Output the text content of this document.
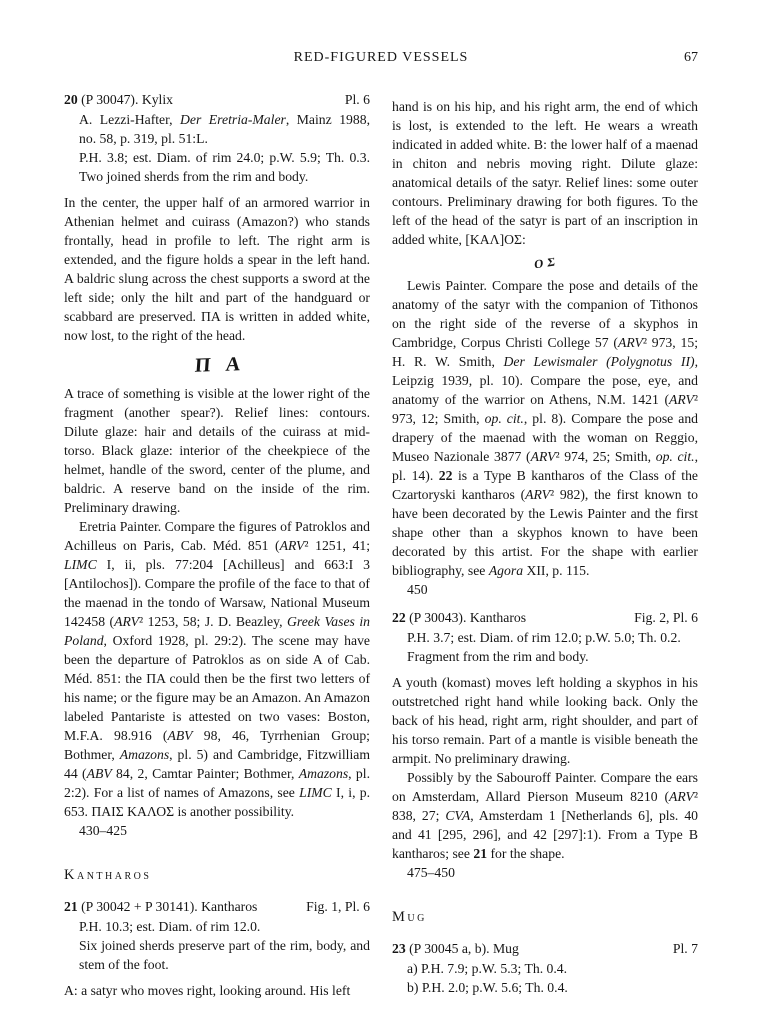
RED-FIGURED VESSELS	67
20 (P 30047). Kylix	Pl. 6
A. Lezzi-Hafter, Der Eretria-Maler, Mainz 1988, no. 58, p. 319, pl. 51:L.
P.H. 3.8; est. Diam. of rim 24.0; p.W. 5.9; Th. 0.3. Two joined sherds from the rim and body.
In the center, the upper half of an armored warrior in Athenian helmet and cuirass (Amazon?) who stands frontally, head in profile to left. The right arm is extended, and the figure holds a spear in the left hand. A baldric slung across the chest supports a sword at the left side; only the hilt and part of the handguard or scabbard are preserved. ΠΑ is written in added white, now lost, to the right of the head.
ΠΑ
A trace of something is visible at the lower right of the fragment (another spear?). Relief lines: contours. Dilute glaze: hair and details of the cuirass at mid-torso. Black glaze: interior of the cheekpiece of the helmet, handle of the sword, center of the plume, and baldric. A reserve band on the inside of the rim. Preliminary drawing.
Eretria Painter. Compare the figures of Patroklos and Achilleus on Paris, Cab. Méd. 851 (ARV² 1251, 41; LIMC I, ii, pls. 77:204 [Achilleus] and 663:I 3 [Antilochos]). Compare the profile of the face to that of the maenad in the tondo of Warsaw, National Museum 142458 (ARV² 1253, 58; J. D. Beazley, Greek Vases in Poland, Oxford 1928, pl. 29:2). The scene may have been the departure of Patroklos as on side A of Cab. Méd. 851: the ΠΑ could then be the first two letters of his name; or the figure may be an Amazon. An Amazon labeled Pantariste is attested on two vases: Boston, M.F.A. 98.916 (ABV 98, 46, Tyrrhenian Group; Bothmer, Amazons, pl. 5) and Cambridge, Fitzwilliam 44 (ABV 84, 2, Camtar Painter; Bothmer, Amazons, pl. 2:2). For a list of names of Amazons, see LIMC I, i, p. 653. ΠΑΙΣ ΚΑΛΟΣ is another possibility.
430–425
Kantharos
21 (P 30042 + P 30141). Kantharos	Fig. 1, Pl. 6
P.H. 10.3; est. Diam. of rim 12.0.
Six joined sherds preserve part of the rim, body, and stem of the foot.
A: a satyr who moves right, looking around. His left
hand is on his hip, and his right arm, the end of which is lost, is extended to the left. He wears a wreath indicated in added white. B: the lower half of a maenad in chiton and nebris moving right. Dilute glaze: anatomical details of the satyr. Relief lines: some outer contours. Preliminary drawing for both figures. To the left of the head of the satyr is part of an inscription in added white, [ΚΑΛ]ΟΣ:
ΟΣ
Lewis Painter. Compare the pose and details of the anatomy of the satyr with the companion of Tithonos on the right side of the reverse of a skyphos in Cambridge, Corpus Christi College 57 (ARV² 973, 15; H. R. W. Smith, Der Lewismaler (Polygnotus II), Leipzig 1939, pl. 10). Compare the pose, eye, and anatomy of the warrior on Athens, N.M. 1421 (ARV² 973, 12; Smith, op. cit., pl. 8). Compare the pose and drapery of the maenad with the woman on Reggio, Museo Nazionale 3877 (ARV² 974, 25; Smith, op. cit., pl. 14). 22 is a Type B kantharos of the Class of the Czartoryski kantharos (ARV² 982), the first known to have been decorated by the Lewis Painter and the first shape other than a skyphos known to have been decorated by this artist. For the shape with earlier bibliography, see Agora XII, p. 115.
450
22 (P 30043). Kantharos	Fig. 2, Pl. 6
P.H. 3.7; est. Diam. of rim 12.0; p.W. 5.0; Th. 0.2.
Fragment from the rim and body.
A youth (komast) moves left holding a skyphos in his outstretched right hand while looking back. Only the back of his head, right arm, right shoulder, and part of his torso remain. Part of a mantle is visible beneath the armpit. No preliminary drawing.
Possibly by the Sabouroff Painter. Compare the ears on Amsterdam, Allard Pierson Museum 8210 (ARV² 838, 27; CVA, Amsterdam 1 [Netherlands 6], pls. 40 and 41 [295, 296], and 42 [297]:1). From a Type B kantharos; see 21 for the shape.
475–450
Mug
23 (P 30045 a, b). Mug	Pl. 7
a) P.H. 7.9; p.W. 5.3; Th. 0.4.
b) P.H. 2.0; p.W. 5.6; Th. 0.4.
